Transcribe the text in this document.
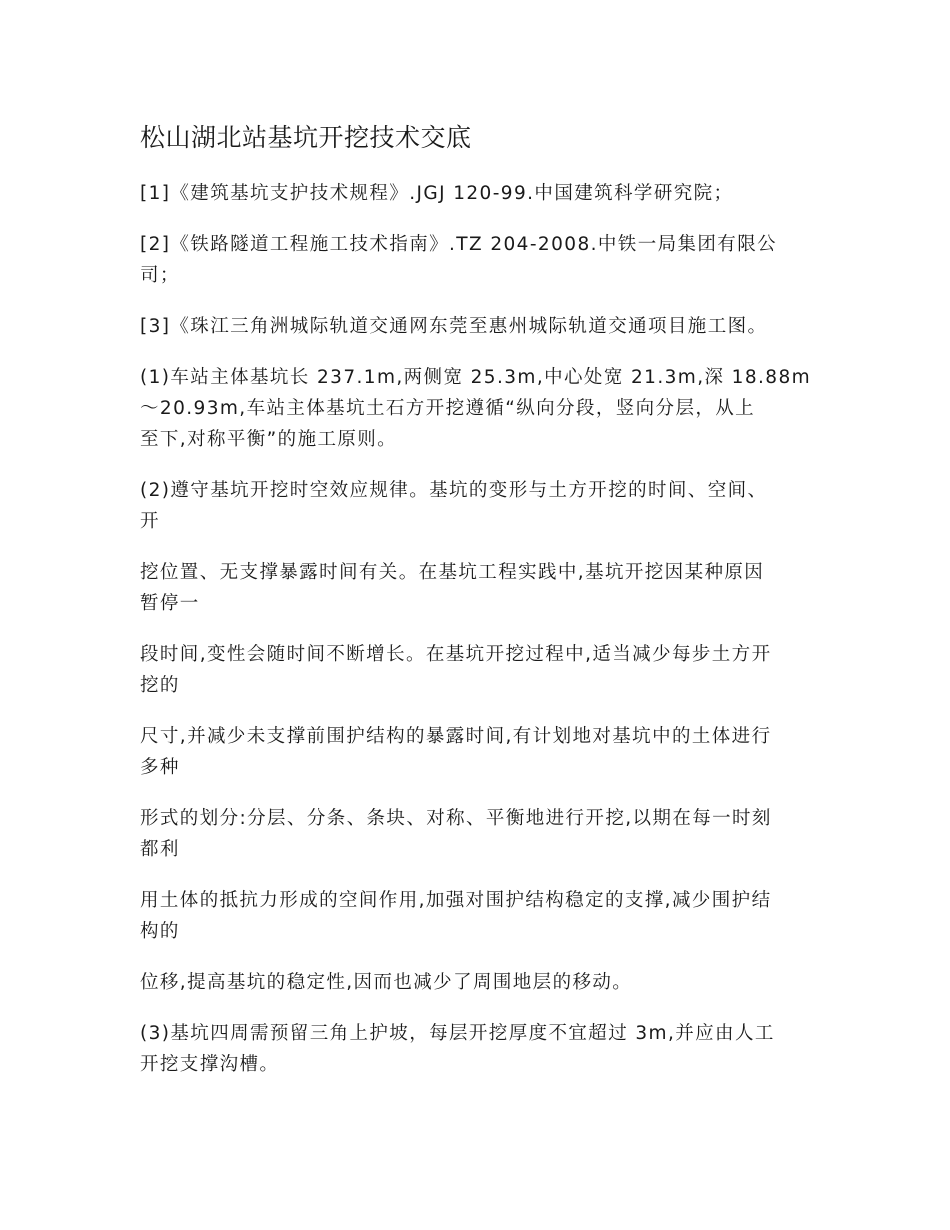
松山湖北站基坑开挖技术交底

[1]《建筑基坑支护技术规程》.JGJ 120-99.中国建筑科学研究院；

[2]《铁路隧道工程施工技术指南》.TZ 204-2008.中铁一局集团有限公
司；

[3]《珠江三角洲城际轨道交通网东莞至惠州城际轨道交通项目施工图。

(1)车站主体基坑长 237.1m,两侧宽 25.3m,中心处宽 21.3m,深 18.88m
～20.93m,车站主体基坑土石方开挖遵循“纵向分段，竖向分层，从上
至下,对称平衡”的施工原则。

(2)遵守基坑开挖时空效应规律。基坑的变形与土方开挖的时间、空间、
开

挖位置、无支撑暴露时间有关。在基坑工程实践中,基坑开挖因某种原因
暂停一

段时间,变性会随时间不断增长。在基坑开挖过程中,适当减少每步土方开
挖的

尺寸,并减少未支撑前围护结构的暴露时间,有计划地对基坑中的土体进行
多种

形式的划分:分层、分条、条块、对称、平衡地进行开挖,以期在每一时刻
都利

用土体的抵抗力形成的空间作用,加强对围护结构稳定的支撑,减少围护结
构的

位移,提高基坑的稳定性,因而也减少了周围地层的移动。

(3)基坑四周需预留三角上护坡，每层开挖厚度不宜超过 3m,并应由人工
开挖支撑沟槽。
